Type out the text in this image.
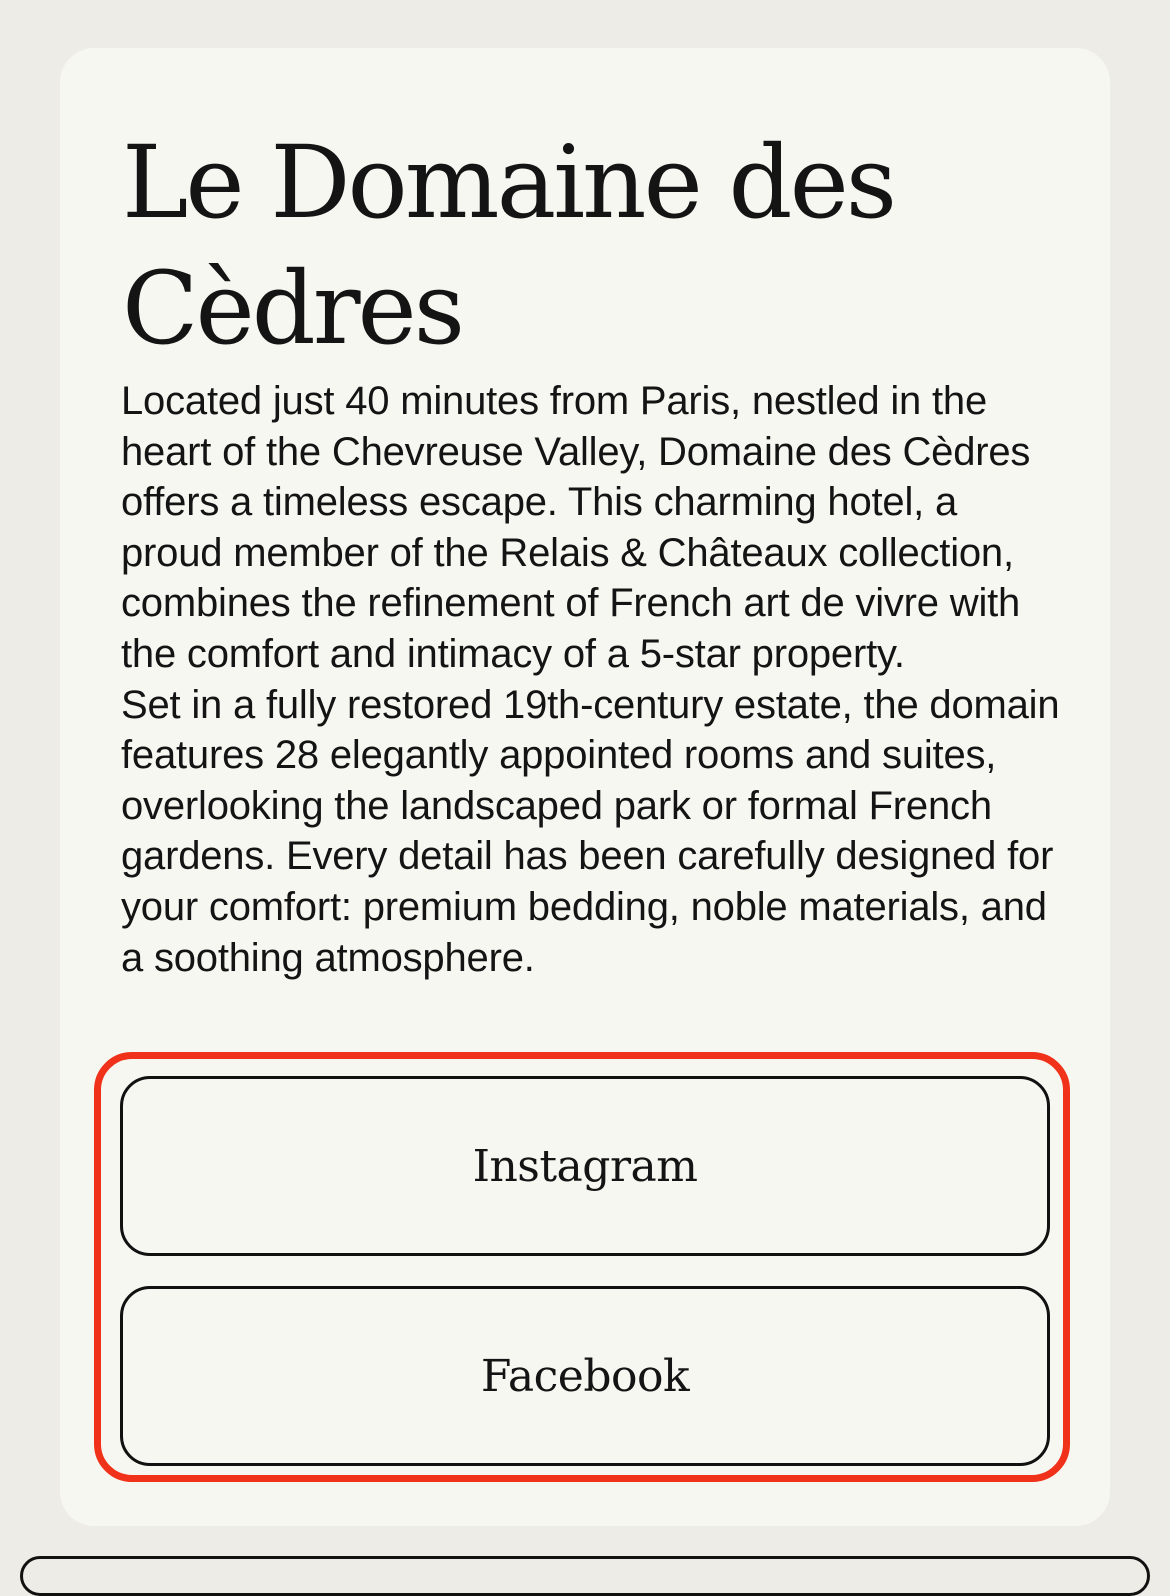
Le Domaine des Cèdres

Located just 40 minutes from Paris, nestled in the heart of the Chevreuse Valley, Domaine des Cèdres offers a timeless escape. This charming hotel, a proud member of the Relais & Châteaux collection, combines the refinement of French art de vivre with the comfort and intimacy of a 5-star property.

Set in a fully restored 19th-century estate, the domain features 28 elegantly appointed rooms and suites, overlooking the landscaped park or formal French gardens. Every detail has been carefully designed for your comfort: premium bedding, noble materials, and a soothing atmosphere.

Instagram
Facebook
